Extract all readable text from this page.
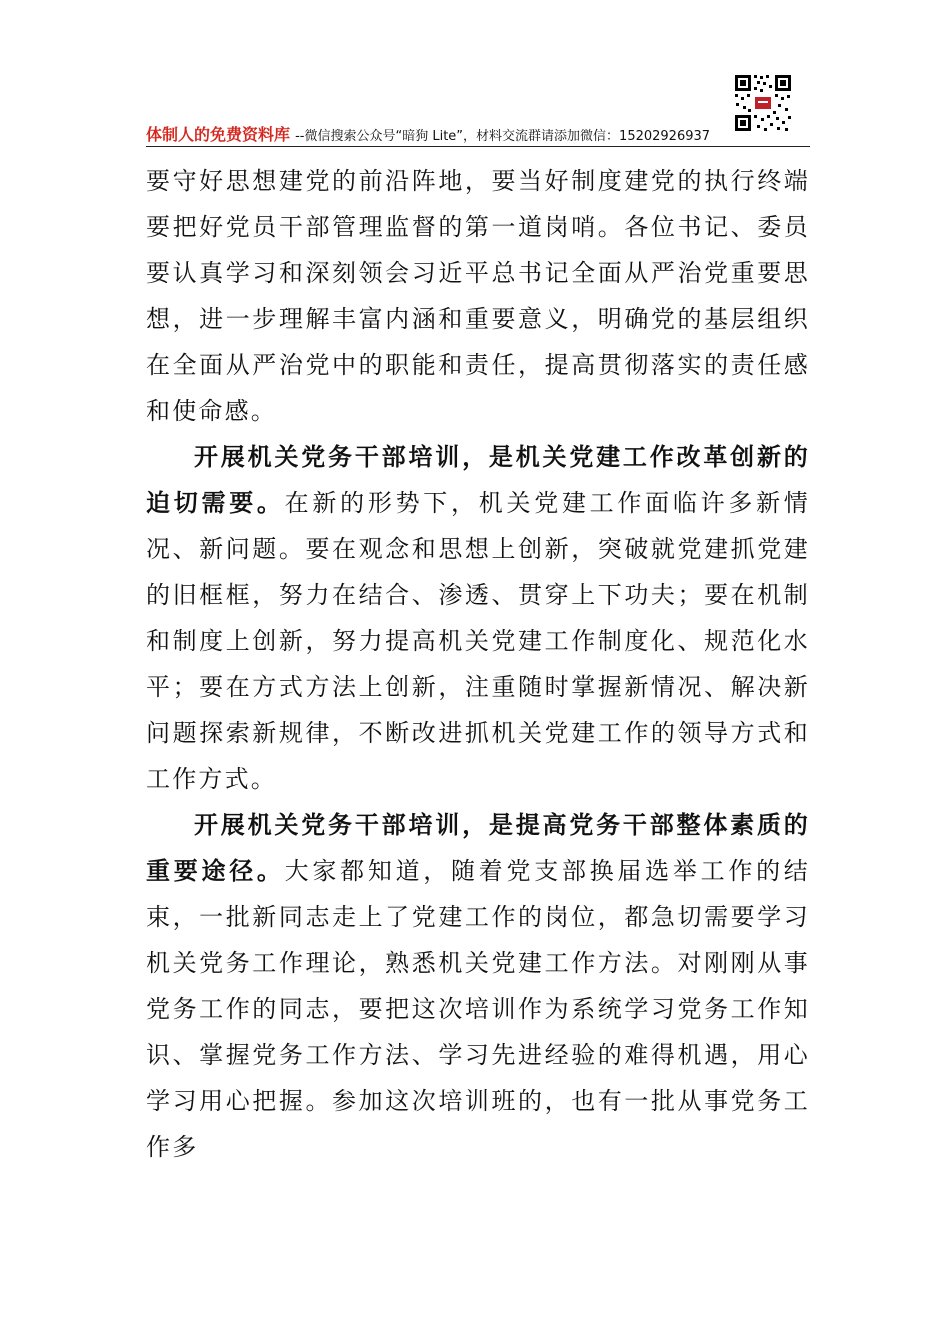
体制人的免费资料库 --微信搜索公众号“暗狗 Lite”，材料交流群请添加微信：15202926937

要守好思想建党的前沿阵地，要当好制度建党的执行终端要把好党员干部管理监督的第一道岗哨。各位书记、委员要认真学习和深刻领会习近平总书记全面从严治党重要思想，进一步理解丰富内涵和重要意义，明确党的基层组织在全面从严治党中的职能和责任，提高贯彻落实的责任感和使命感。

开展机关党务干部培训，是机关党建工作改革创新的迫切需要。在新的形势下，机关党建工作面临许多新情况、新问题。要在观念和思想上创新，突破就党建抓党建的旧框框，努力在结合、渗透、贯穿上下功夫；要在机制和制度上创新，努力提高机关党建工作制度化、规范化水平；要在方式方法上创新，注重随时掌握新情况、解决新问题探索新规律，不断改进抓机关党建工作的领导方式和工作方式。

开展机关党务干部培训，是提高党务干部整体素质的重要途径。大家都知道，随着党支部换届选举工作的结束，一批新同志走上了党建工作的岗位，都急切需要学习机关党务工作理论，熟悉机关党建工作方法。对刚刚从事党务工作的同志，要把这次培训作为系统学习党务工作知识、掌握党务工作方法、学习先进经验的难得机遇，用心学习用心把握。参加这次培训班的，也有一批从事党务工作多
